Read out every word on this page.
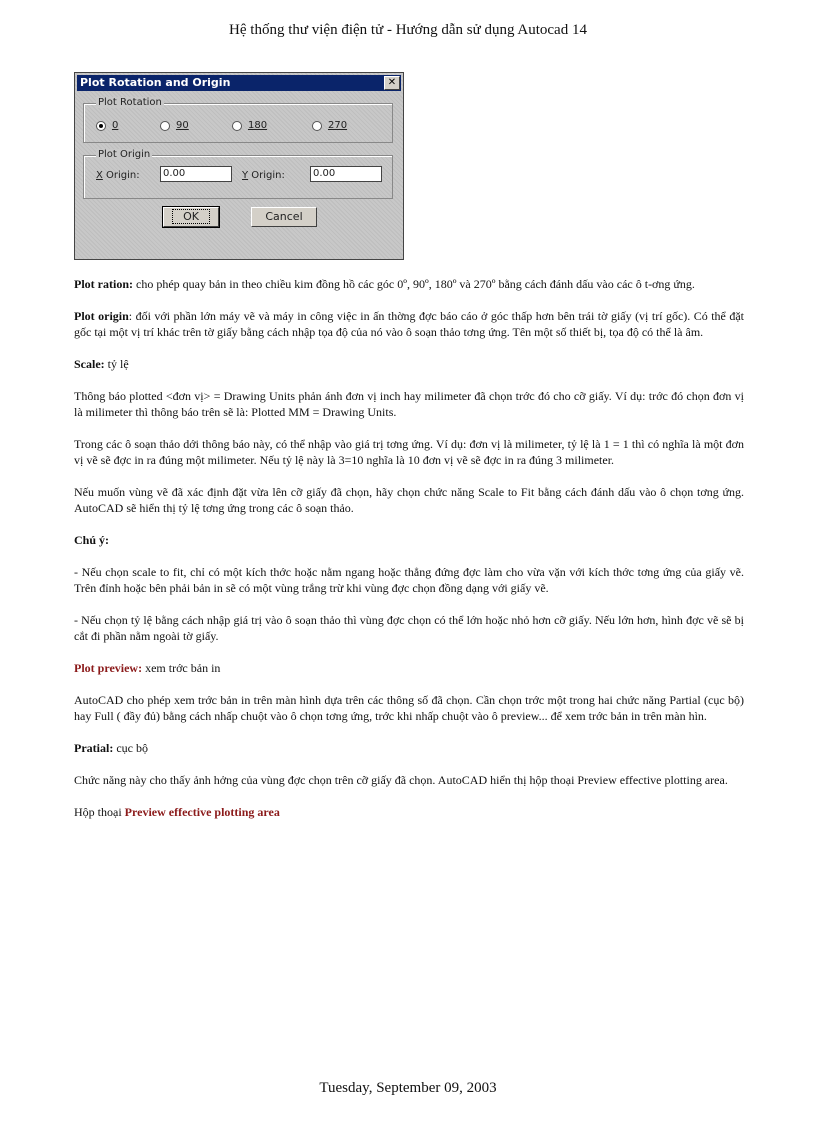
Hệ thống thư viện điện tử - Hướng dẫn sử dụng Autocad 14
Plot Rotation and Origin	✕
Plot Rotation
0	90	180	270
Plot Origin
X Origin:	0.00	Y Origin:	0.00
OK	Cancel

Plot ration: cho phép quay bản in theo chiều kim đồng hồ các góc 0º, 90º, 180º và 270º bằng cách đánh dấu vào các ô t-ơng ứng.

Plot origin: đối với phần lớn máy vẽ và máy in công việc in ấn thờng đợc báo cáo ở góc thấp hơn bên trái tờ giấy (vị trí gốc). Có thể đặt gốc tại một vị trí khác trên tờ giấy bằng cách nhập tọa độ của nó vào ô soạn thảo tơng ứng. Tên một số thiết bị, tọa độ có thể là âm.

Scale: tỷ lệ

Thông báo plotted <đơn vị> = Drawing Units phản ánh đơn vị inch hay milimeter đã chọn trớc đó cho cỡ giấy. Ví dụ: trớc đó chọn đơn vị là milimeter thì thông báo trên sẽ là: Plotted MM = Drawing Units.

Trong các ô soạn thảo dới thông báo này, có thể nhập vào giá trị tơng ứng. Ví dụ: đơn vị là milimeter, tỷ lệ là 1 = 1 thì có nghĩa là một đơn vị vẽ sẽ đợc in ra đúng một milimeter. Nếu tỷ lệ này là 3=10 nghĩa là 10 đơn vị vẽ sẽ đợc in ra đúng 3 milimeter.

Nếu muốn vùng vẽ đã xác định đặt vừa lên cỡ giấy đã chọn, hãy chọn chức năng Scale to Fit bằng cách đánh dấu vào ô chọn tơng ứng. AutoCAD sẽ hiển thị tỷ lệ tơng ứng trong các ô soạn thảo.

Chú ý:

- Nếu chọn scale to fit, chỉ có một kích thớc hoặc nằm ngang hoặc thẳng đứng đợc làm cho vừa vặn với kích thớc tơng ứng của giấy vẽ. Trên đỉnh hoặc bên phải bản in sẽ có một vùng trắng trừ khi vùng đợc chọn đồng dạng với giấy vẽ.

- Nếu chọn tỷ lệ bằng cách nhập giá trị vào ô soạn thảo thì vùng đợc chọn có thể lớn hoặc nhỏ hơn cỡ giấy. Nếu lớn hơn, hình đợc vẽ sẽ bị cắt đi phần nằm ngoài tờ giấy.

Plot preview: xem trớc bản in

AutoCAD cho phép xem trớc bản in trên màn hình dựa trên các thông số đã chọn. Cần chọn trớc một trong hai chức năng Partial (cục bộ) hay Full ( đầy đủ) bằng cách nhấp chuột vào ô chọn tơng ứng, trớc khi nhấp chuột vào ô preview... để xem trớc bản in trên màn hìn.

Pratial: cục bộ

Chức năng này cho thấy ảnh hởng của vùng đợc chọn trên cỡ giấy đã chọn. AutoCAD hiển thị hộp thoại Preview effective plotting area.

Hộp thoại Preview effective plotting area

Tuesday, September 09, 2003
